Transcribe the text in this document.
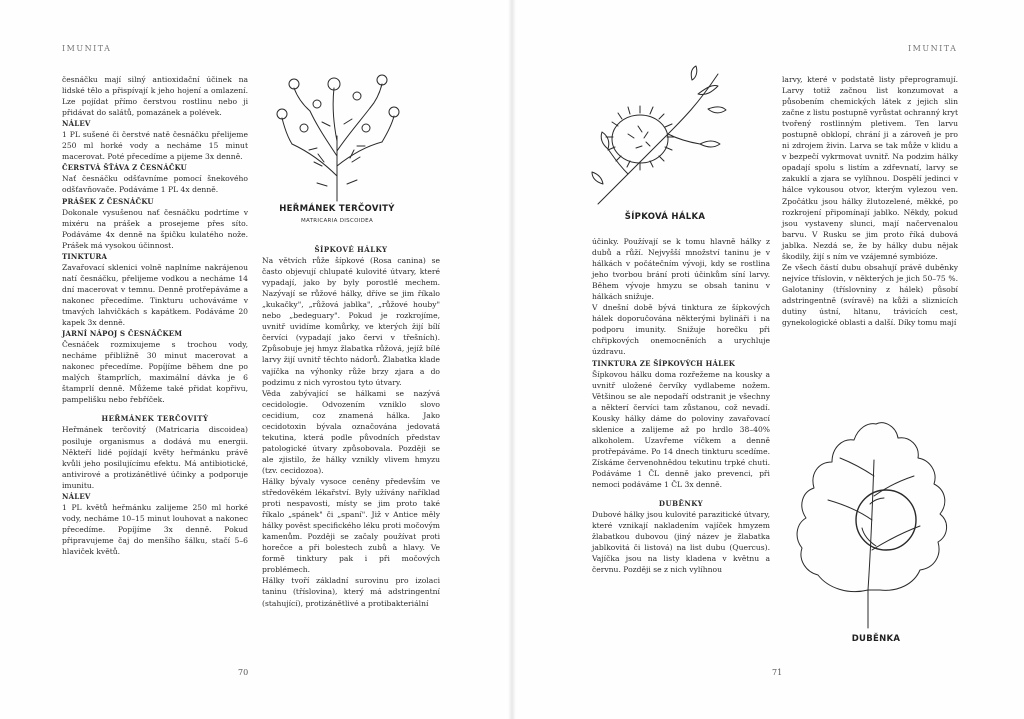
IMUNITA

česnáčku mají silný antioxidační účinek na lidské tělo a přispívají k jeho hojení a omlazení. Lze pojídat přímo čerstvou rostlinu nebo ji přidávat do salátů, pomazánek a polévek.

NÁLEV

1 PL sušené či čerstvé natě česnáčku přelijeme 250 ml horké vody a necháme 15 minut macerovat. Poté přecedíme a pijeme 3x denně.

ČERSTVÁ ŠŤÁVA Z ČESNÁČKU

Nať česnáčku odšťavníme pomocí šnekového odšťavňovače. Podáváme 1 PL 4x denně.

PRÁŠEK Z ČESNÁČKU

Dokonale vysušenou nať česnáčku podrtíme v mixéru na prášek a prosejeme přes síto. Podáváme 4x denně na špičku kulatého nože. Prášek má vysokou účinnost.

TINKTURA

Zavařovací sklenici volně naplníme nakrájenou natí česnáčku, přelijeme vodkou a necháme 14 dní macerovat v temnu. Denně protřepáváme a nakonec přecedíme. Tinkturu uchováváme v tmavých lahvičkách s kapátkem. Podáváme 20 kapek 3x denně.

JARNÍ NÁPOJ S ČESNÁČKEM

Česnáček rozmixujeme s trochou vody, necháme přibližně 30 minut macerovat a nakonec přecedíme. Popíjíme během dne po malých štamprlích, maximální dávka je 6 štamprlí denně. Můžeme také přidat kopřivu, pampelišku nebo řebříček.

HEŘMÁNEK TERČOVITÝ

Heřmánek terčovitý (Matricaria discoidea) posiluje organismus a dodává mu energii. Někteří lidé pojídají květy heřmánku právě kvůli jeho posilujícímu efektu. Má antibiotické, antivirové a protizánětlivé účinky a podporuje imunitu.

NÁLEV

1 PL květů heřmánku zalijeme 250 ml horké vody, necháme 10–15 minut louhovat a nakonec přecedíme. Popíjíme 3x denně. Pokud připravujeme čaj do menšího šálku, stačí 5–6 hlaviček květů.

HEŘMÁNEK TERČOVITÝ
MATRICARIA DISCOIDEA

ŠÍPKOVÉ HÁLKY

Na větvích růže šípkové (Rosa canina) se často objevují chlupaté kulovité útvary, které vypadají, jako by byly porostlé mechem. Nazývají se růžové hálky, dříve se jim říkalo „kukačky", „růžová jablka", „růžové houby" nebo „bedeguary". Pokud je rozkrojíme, uvnitř uvidíme komůrky, ve kterých žijí bílí červíci (vypadají jako červi v třešních). Způsobuje jej hmyz žlabatka růžová, jejíž bílé larvy žijí uvnitř těchto nádorů. Žlabatka klade vajíčka na výhonky růže brzy zjara a do podzimu z nich vyrostou tyto útvary.

Věda zabývající se hálkami se nazývá cecidologie. Odvozením vzniklo slovo cecidium, coz znamená hálka. Jako cecidotoxin bývala označována jedovatá tekutina, která podle původních představ patologické útvary způsobovala. Později se ale zjistilo, že hálky vznikly vlivem hmyzu (tzv. cecidozoa).

Hálky bývaly vysoce ceněny především ve středověkém lékařství. Byly užívány naříklad proti nespavosti, místy se jim proto také říkalo „spánek" či „spaní". Již v Antice měly hálky pověst specifického léku proti močovým kamenům. Později se začaly používat proti horečce a při bolestech zubů a hlavy. Ve formě tinktury pak i při močových problémech.

Hálky tvoří základní surovinu pro izolaci taninu (tříslovina), který má adstringentní (stahující), protizánětlivé a protibakteriální

70
IMUNITA
ŠÍPKOVÁ HÁLKA

účinky. Používají se k tomu hlavně hálky z dubů a růží. Nejvyšší množství taninu je v hálkách v počátečním vývoji, kdy se rostlina jeho tvorbou brání proti účinkům síní larvy. Během vývoje hmyzu se obsah taninu v hálkách snižuje.

V dnešní době bývá tinktura ze šípkových hálek doporučována některými bylináři i na podporu imunity. Snižuje horečku při chřipkových onemocněních a urychluje úzdravu.

TINKTURA ZE ŠÍPKOVÝCH HÁLEK

Šípkovou hálku doma rozřežeme na kousky a uvnitř uložené červíky vydlabeme nožem. Většinou se ale nepodaří odstranit je všechny a některí červíci tam zůstanou, což nevadí. Kousky hálky dáme do poloviny zavařovací sklenice a zalijeme až po hrdlo 38–40% alkoholem. Uzavřeme víčkem a denně protřepáváme. Po 14 dnech tinkturu scedíme. Získáme červenohnědou tekutinu trpké chuti. Podáváme 1 ČL denně jako prevenci, při nemoci podáváme 1 ČL 3x denně.

DUBĚNKY

Dubové hálky jsou kulovité parazitické útvary, které vznikají nakladením vajíček hmyzem žlabatkou dubovou (jiný název je žlabatka jablkovitá či listová) na list dubu (Quercus). Vajíčka jsou na listy kladena v květnu a červnu. Později se z nich vylíhnou

larvy, které v podstatě listy přeprogramují. Larvy totiž začnou list konzumovat a působením chemických látek z jejich slin začne z listu postupně vyrůstat ochranný kryt tvořený rostlinným pletivem. Ten larvu postupně obklopí, chrání ji a zároveň je pro ni zdrojem živin. Larva se tak může v klidu a v bezpečí vykrmovat uvnitř. Na podzim hálky opadají spolu s listím a zdřevnatí, larvy se zakuklí a zjara se vylíhnou. Dospělí jedinci v hálce vykousou otvor, kterým vylezou ven. Zpočátku jsou hálky žlutozelené, měkké, po rozkrojení připomínají jablko. Někdy, pokud jsou vystaveny slunci, mají načervenalou barvu. V Rusku se jim proto říká dubová jablka. Nezdá se, že by hálky dubu nějak škodily, žijí s ním ve vzájemné symbióze.

Ze všech částí dubu obsahují právě duběnky nejvíce tříslovin, v některých je jich 50–75 %. Galotaniny (tříslovniny z hálek) působí adstringentně (svíravě) na kůži a sliznicích dutiny ústní, hltanu, trávicích cest, gynekologické oblasti a další. Díky tomu mají

DUBĚNKA
71
